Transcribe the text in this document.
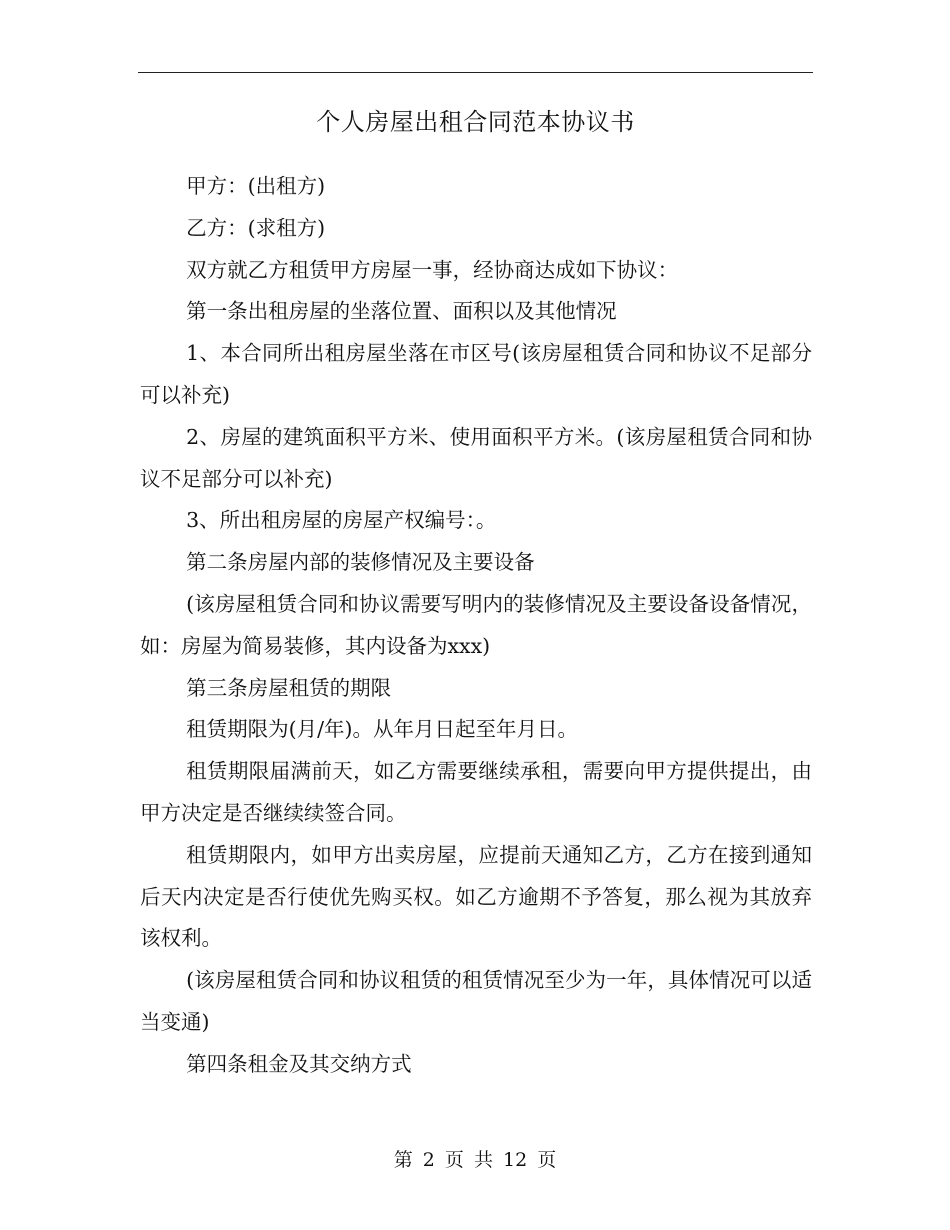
个人房屋出租合同范本协议书

甲方：(出租方)

乙方：(求租方)

双方就乙方租赁甲方房屋一事，经协商达成如下协议：

第一条出租房屋的坐落位置、面积以及其他情况

1、本合同所出租房屋坐落在市区号(该房屋租赁合同和协议不足部分可以补充)

2、房屋的建筑面积平方米、使用面积平方米。(该房屋租赁合同和协议不足部分可以补充)

3、所出租房屋的房屋产权编号：。

第二条房屋内部的装修情况及主要设备

(该房屋租赁合同和协议需要写明内的装修情况及主要设备设备情况，如：房屋为简易装修，其内设备为xxx)

第三条房屋租赁的期限

租赁期限为(月/年)。从年月日起至年月日。

租赁期限届满前天，如乙方需要继续承租，需要向甲方提供提出，由甲方决定是否继续续签合同。

租赁期限内，如甲方出卖房屋，应提前天通知乙方，乙方在接到通知后天内决定是否行使优先购买权。如乙方逾期不予答复，那么视为其放弃该权利。

(该房屋租赁合同和协议租赁的租赁情况至少为一年，具体情况可以适当变通)

第四条租金及其交纳方式

第 2 页 共 12 页
